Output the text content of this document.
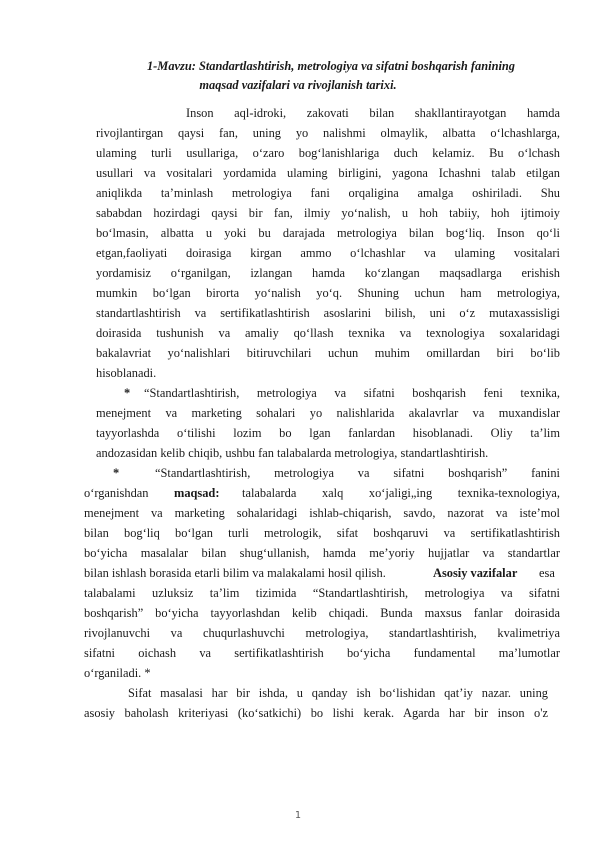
1-Mavzu: Standartlashtirish, metrologiya va sifatni boshqarish fanining
maqsad vazifalari va rivojlanish tarixi.
Inson aql-idroki, zakovati bilan shakllantirayotgan hamda
rivojlantirgan qaysi fan, uning yo nalishmi olmaylik, albatta o‘lchashlarga,
ulaming turli usullariga, o‘zaro bog‘lanishlariga duch kelamiz. Bu o‘lchash
usullari va vositalari yordamida ulaming birligini, yagona Ichashni talab etilgan
aniqlikda ta’minlash metrologiya fani orqaligina amalga oshiriladi. Shu
sababdan hozirdagi qaysi bir fan, ilmiy yo‘nalish, u hoh tabiiy, hoh ijtimoiy
bo‘lmasin, albatta u yoki bu darajada metrologiya bilan bog‘liq. Inson qo‘li
etgan,faoliyati doirasiga kirgan ammo o‘lchashlar va ulaming vositalari
yordamisiz o‘rganilgan, izlangan hamda ko‘zlangan maqsadlarga erishish
mumkin bo‘lgan birorta yo‘nalish yo‘q. Shuning uchun ham metrologiya,
standartlashtirish va sertifikatlashtirish asoslarini bilish, uni o‘z mutaxassisligi
doirasida tushunish va amaliy qo‘llash texnika va texnologiya soxalaridagi
bakalavriat yo‘nalishlari bitiruvchilari uchun muhim omillardan biri bo‘lib
hisoblanadi.
* “Standartlashtirish, metrologiya va sifatni boshqarish feni texnika,
menejment va marketing sohalari yo nalishlarida akalavrlar va muxandislar
tayyorlashda o‘tilishi lozim bo lgan fanlardan hisoblanadi. Oliy ta’lim
andozasidan kelib chiqib, ushbu fan talabalarda metrologiya, standartlashtirish.
*	“Standartlashtirish, metrologiya va sifatni boshqarish” fanini
o‘rganishdan maqsad: talabalarda xalq xo‘jaligi„ing texnika-texnologiya,
menejment va marketing sohalaridagi ishlab-chiqarish, savdo, nazorat va iste’mol
bilan bog‘liq bo‘lgan turli metrologik, sifat boshqaruvi va sertifikatlashtirish
bo‘yicha masalalar bilan shug‘ullanish, hamda me’yoriy hujjatlar va standartlar
bilan ishlash borasida etarli bilim va malakalami hosil qilish.	Asosiy vazifalar esa
talabalami uzluksiz ta’lim tizimida “Standartlashtirish, metrologiya va sifatni
boshqarish” bo‘yicha tayyorlashdan kelib chiqadi. Bunda maxsus fanlar doirasida
rivojlanuvchi va chuqurlashuvchi metrologiya, standartlashtirish, kvalimetriya
sifatni oichash va sertifikatlashtirish bo‘yicha fundamental ma’lumotlar
o‘rganiladi. *
Sifat masalasi har bir ishda, u qanday ish bo‘lishidan qat’iy nazar. uning
asosiy baholash kriteriyasi (ko‘satkichi) bo lishi kerak. Agarda har bir inson o'z
1
